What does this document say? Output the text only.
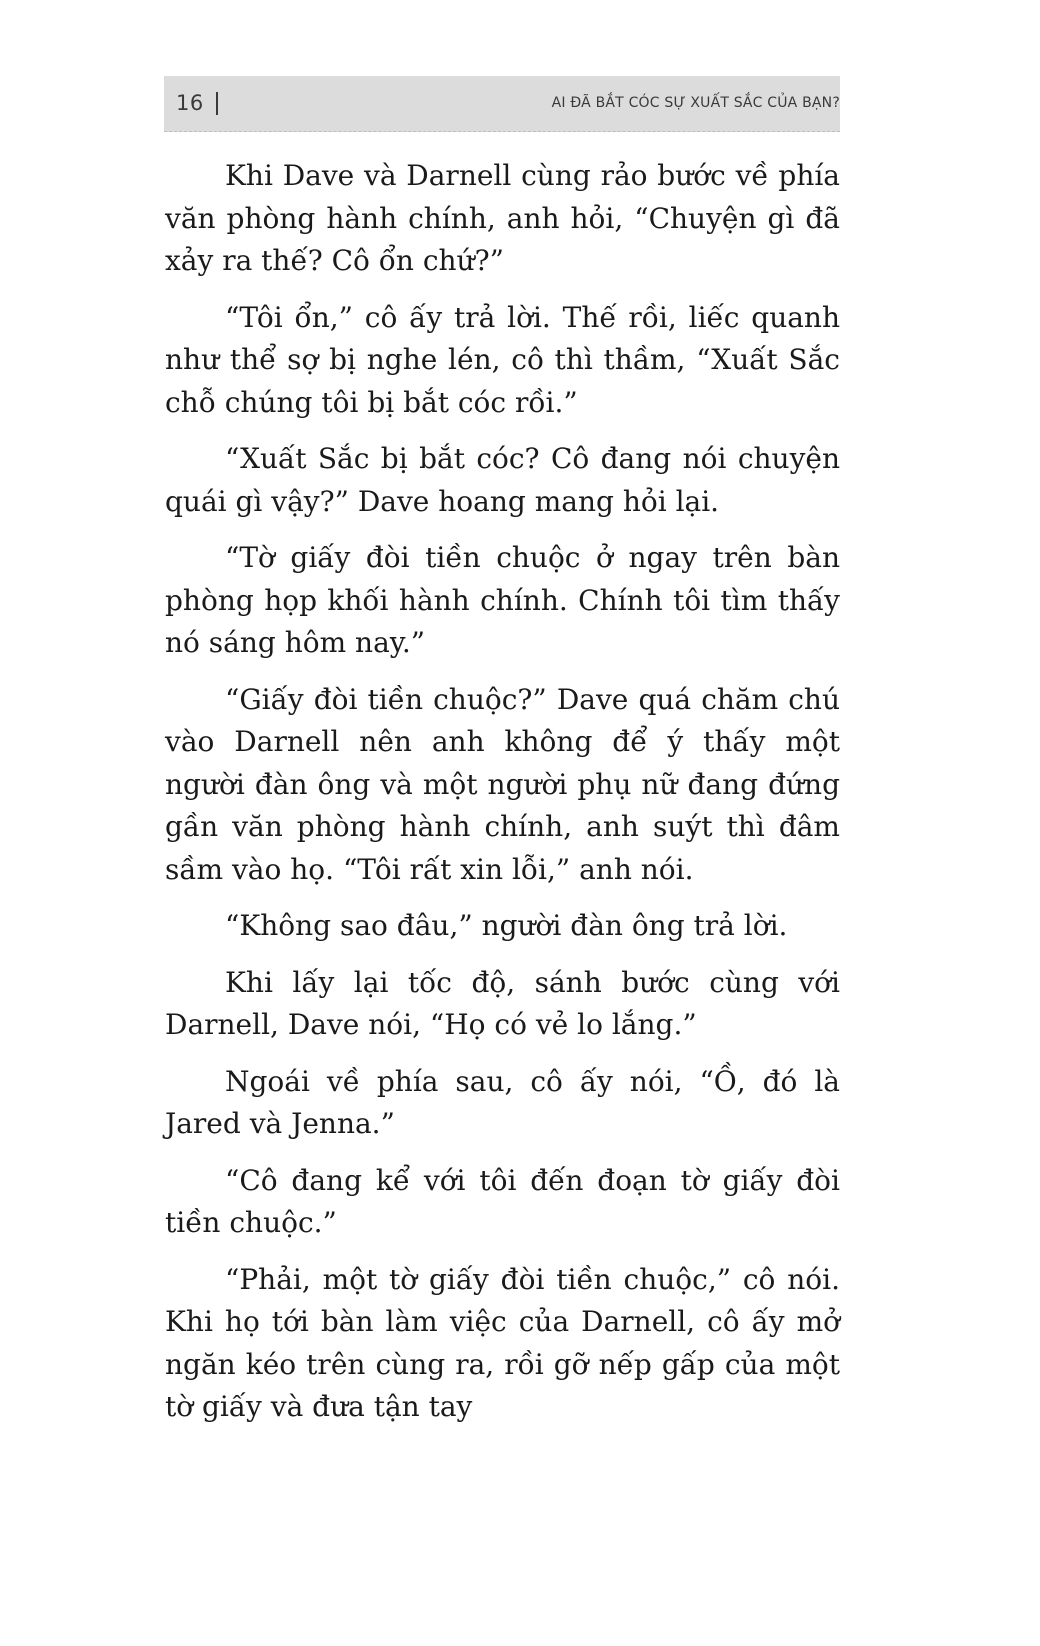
16	AI ĐÃ BẮT CÓC SỰ XUẤT SẮC CỦA BẠN?

Khi Dave và Darnell cùng rảo bước về phía văn phòng hành chính, anh hỏi, “Chuyện gì đã xảy ra thế? Cô ổn chứ?”

“Tôi ổn,” cô ấy trả lời. Thế rồi, liếc quanh như thể sợ bị nghe lén, cô thì thầm, “Xuất Sắc chỗ chúng tôi bị bắt cóc rồi.”

“Xuất Sắc bị bắt cóc? Cô đang nói chuyện quái gì vậy?” Dave hoang mang hỏi lại.

“Tờ giấy đòi tiền chuộc ở ngay trên bàn phòng họp khối hành chính. Chính tôi tìm thấy nó sáng hôm nay.”

“Giấy đòi tiền chuộc?” Dave quá chăm chú vào Darnell nên anh không để ý thấy một người đàn ông và một người phụ nữ đang đứng gần văn phòng hành chính, anh suýt thì đâm sầm vào họ. “Tôi rất xin lỗi,” anh nói.

“Không sao đâu,” người đàn ông trả lời.

Khi lấy lại tốc độ, sánh bước cùng với Darnell, Dave nói, “Họ có vẻ lo lắng.”

Ngoái về phía sau, cô ấy nói, “Ồ, đó là Jared và Jenna.”

“Cô đang kể với tôi đến đoạn tờ giấy đòi tiền chuộc.”

“Phải, một tờ giấy đòi tiền chuộc,” cô nói. Khi họ tới bàn làm việc của Darnell, cô ấy mở ngăn kéo trên cùng ra, rồi gỡ nếp gấp của một tờ giấy và đưa tận tay
